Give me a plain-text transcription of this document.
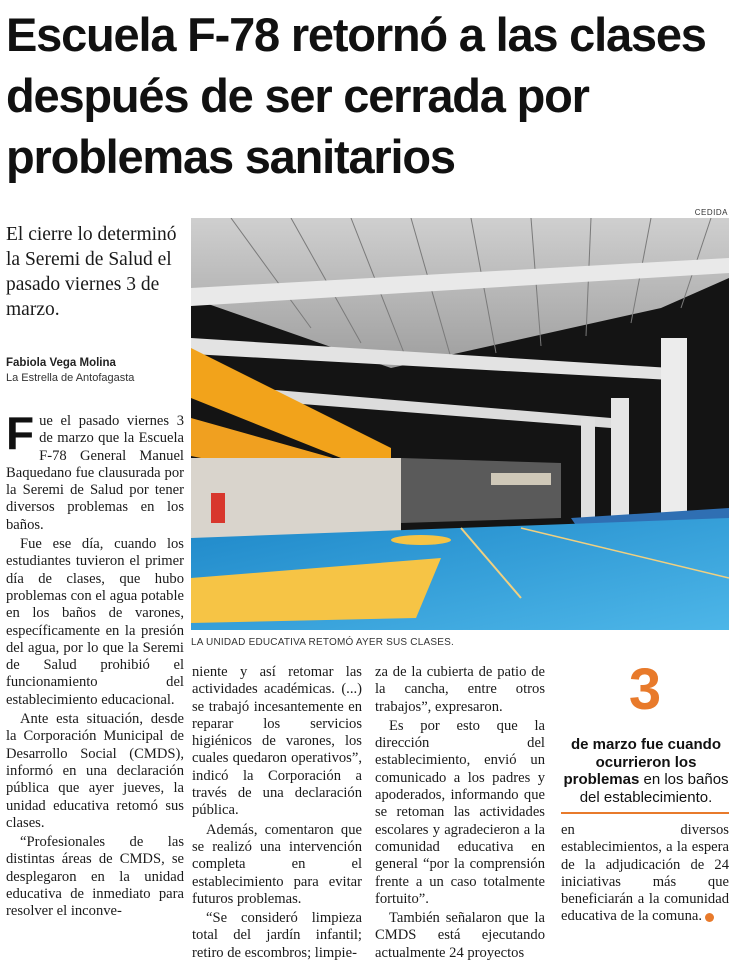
Escuela F-78 retornó a las clases después de ser cerrada por problemas sanitarios

El cierre lo determinó la Seremi de Salud el pasado viernes 3 de marzo.

Fabiola Vega Molina
La Estrella de Antofagasta
CEDIDA
LA UNIDAD EDUCATIVA RETOMÓ AYER SUS CLASES.

Fue el pasado viernes 3 de marzo que la Escuela F-78 General Manuel Baquedano fue clausurada por la Seremi de Salud por tener diversos problemas en los baños.

Fue ese día, cuando los estudiantes tuvieron el primer día de clases, que hubo problemas con el agua potable en los baños de varones, específicamente en la presión del agua, por lo que la Seremi de Salud prohibió el funcionamiento del establecimiento educacional.

Ante esta situación, desde la Corporación Municipal de Desarrollo Social (CMDS), informó en una declaración pública que ayer jueves, la unidad educativa retomó sus clases.

“Profesionales de las distintas áreas de CMDS, se desplegaron en la unidad educativa de inmediato para resolver el inconve-

niente y así retomar las actividades académicas. (...) se trabajó incesantemente en reparar los servicios higiénicos de varones, los cuales quedaron operativos”, indicó la Corporación a través de una declaración pública.

Además, comentaron que se realizó una intervención completa en el establecimiento para evitar futuros problemas.

“Se consideró limpieza total del jardín infantil; retiro de escombros; limpie-

za de la cubierta de patio de la cancha, entre otros trabajos”, expresaron.

Es por esto que la dirección del establecimiento, envió un comunicado a los padres y apoderados, informando que se retoman las actividades escolares y agradecieron a la comunidad educativa en general “por la comprensión frente a un caso totalmente fortuito”.

También señalaron que la CMDS está ejecutando actualmente 24 proyectos

3
de marzo fue cuando ocurrieron los problemas en los baños del establecimiento.

en diversos establecimientos, a la espera de la adjudicación de 24 iniciativas más que beneficiarán a la comunidad educativa de la comuna.
